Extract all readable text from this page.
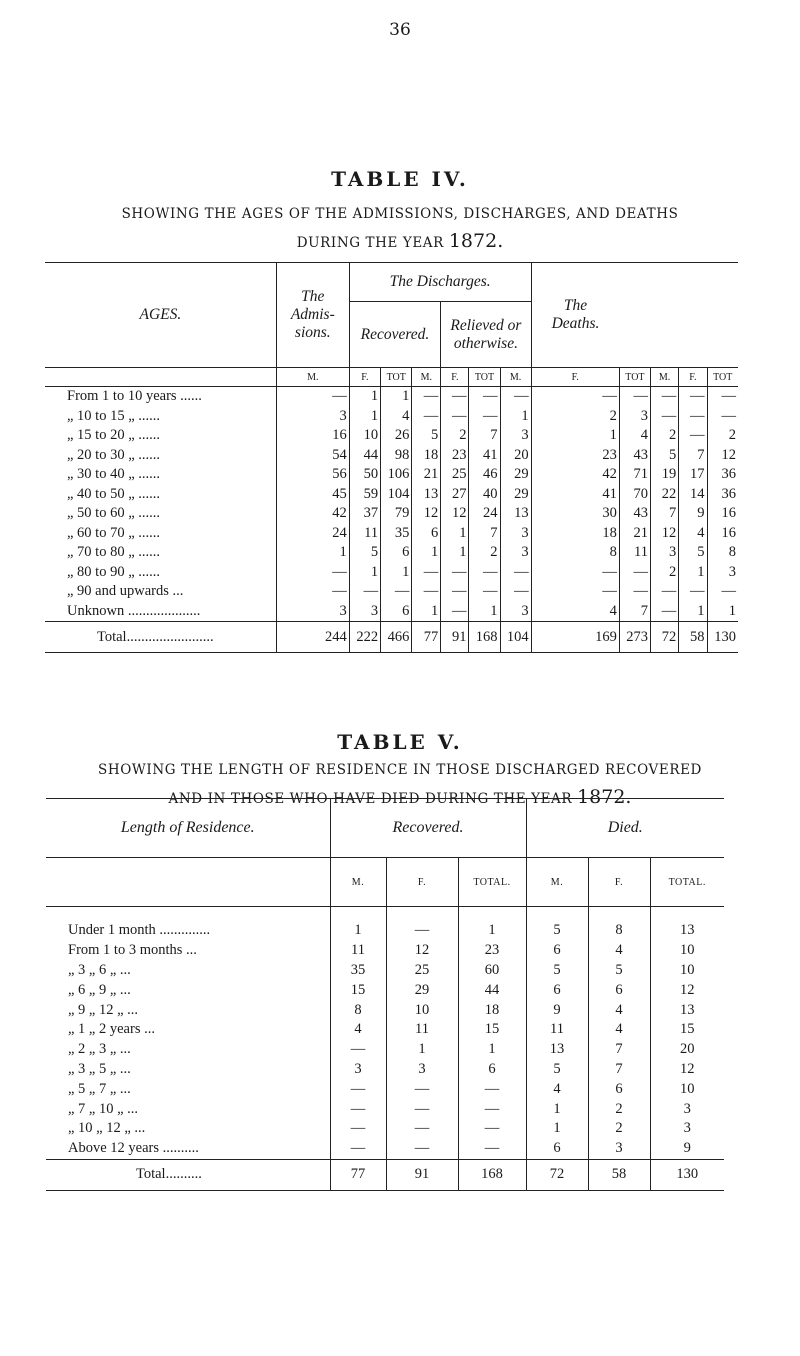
36
TABLE IV.
SHOWING THE AGES OF THE ADMISSIONS, DISCHARGES, AND DEATHS
DURING THE YEAR 1872.
AGES.	The Admis- sions.	The Discharges.						The Deaths.				
		Recovered.			Relieved or otherwise.							
	M.	F.	TOT	M.	F.	TOT	M.	F.	TOT	M.	F.	TOT
From 1 to 10 years ......	—	1	1	—	—	—	—	—	—	—	—	—
„ 10 to 15 „ ......	3	1	4	—	—	—	1	2	3	—	—	—
„ 15 to 20 „ ......	16	10	26	5	2	7	3	1	4	2	—	2
„ 20 to 30 „ ......	54	44	98	18	23	41	20	23	43	5	7	12
„ 30 to 40 „ ......	56	50	106	21	25	46	29	42	71	19	17	36
„ 40 to 50 „ ......	45	59	104	13	27	40	29	41	70	22	14	36
„ 50 to 60 „ ......	42	37	79	12	12	24	13	30	43	7	9	16
„ 60 to 70 „ ......	24	11	35	6	1	7	3	18	21	12	4	16
„ 70 to 80 „ ......	1	5	6	1	1	2	3	8	11	3	5	8
„ 80 to 90 „ ......	—	1	1	—	—	—	—	—	—	2	1	3
„ 90 and upwards ...	—	—	—	—	—	—	—	—	—	—	—	—
Unknown ....................	3	3	6	1	—	1	3	4	7	—	1	1
Total........................	244	222	466	77	91	168	104	169	273	72	58	130
TABLE V.
SHOWING THE LENGTH OF RESIDENCE IN THOSE DISCHARGED RECOVERED
AND IN THOSE WHO HAVE DIED DURING THE YEAR 1872.
Length of Residence.	Recovered.			Died.		
	M.	F.	TOTAL.	M.	F.	TOTAL.
Under 1 month ..............	1	—	1	5	8	13
From 1 to 3 months ...	11	12	23	6	4	10
„ 3 „ 6 „ ...	35	25	60	5	5	10
„ 6 „ 9 „ ...	15	29	44	6	6	12
„ 9 „ 12 „ ...	8	10	18	9	4	13
„ 1 „ 2 years ...	4	11	15	11	4	15
„ 2 „ 3 „ ...	—	1	1	13	7	20
„ 3 „ 5 „ ...	3	3	6	5	7	12
„ 5 „ 7 „ ...	—	—	—	4	6	10
„ 7 „ 10 „ ...	—	—	—	1	2	3
„ 10 „ 12 „ ...	—	—	—	1	2	3
Above 12 years ..........	—	—	—	6	3	9
Total..........	77	91	168	72	58	130
